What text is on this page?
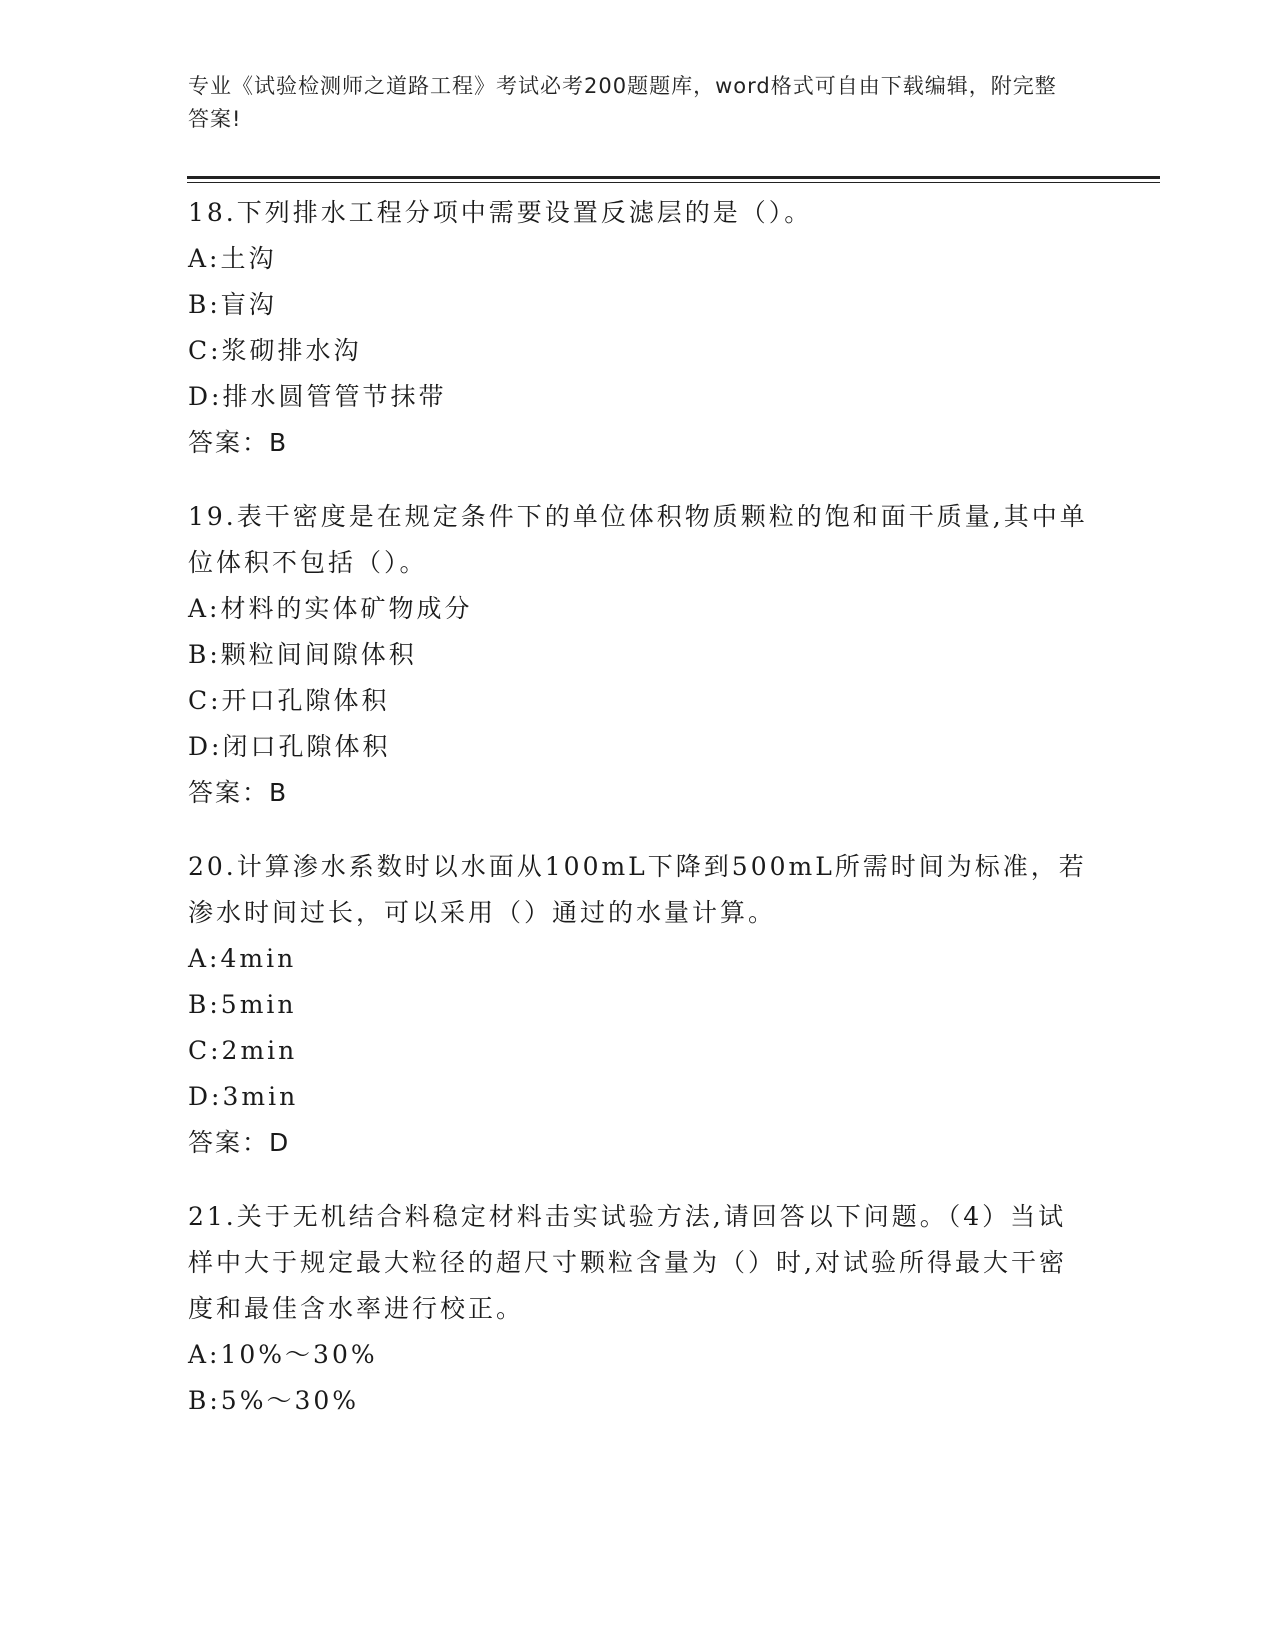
专业《试验检测师之道路工程》考试必考200题题库，word格式可自由下载编辑，附完整答案!

18.下列排水工程分项中需要设置反滤层的是（）。

A:土沟

B:盲沟

C:浆砌排水沟

D:排水圆管管节抹带

答案：B

19.表干密度是在规定条件下的单位体积物质颗粒的饱和面干质量,其中单位体积不包括（）。

A:材料的实体矿物成分

B:颗粒间间隙体积

C:开口孔隙体积

D:闭口孔隙体积

答案：B

20.计算渗水系数时以水面从100mL下降到500mL所需时间为标准，若渗水时间过长，可以采用（）通过的水量计算。

A:4min

B:5min

C:2min

D:3min

答案：D

21.关于无机结合料稳定材料击实试验方法,请回答以下问题。（4）当试样中大于规定最大粒径的超尺寸颗粒含量为（）时,对试验所得最大干密度和最佳含水率进行校正。

A:10%～30%

B:5%～30%
